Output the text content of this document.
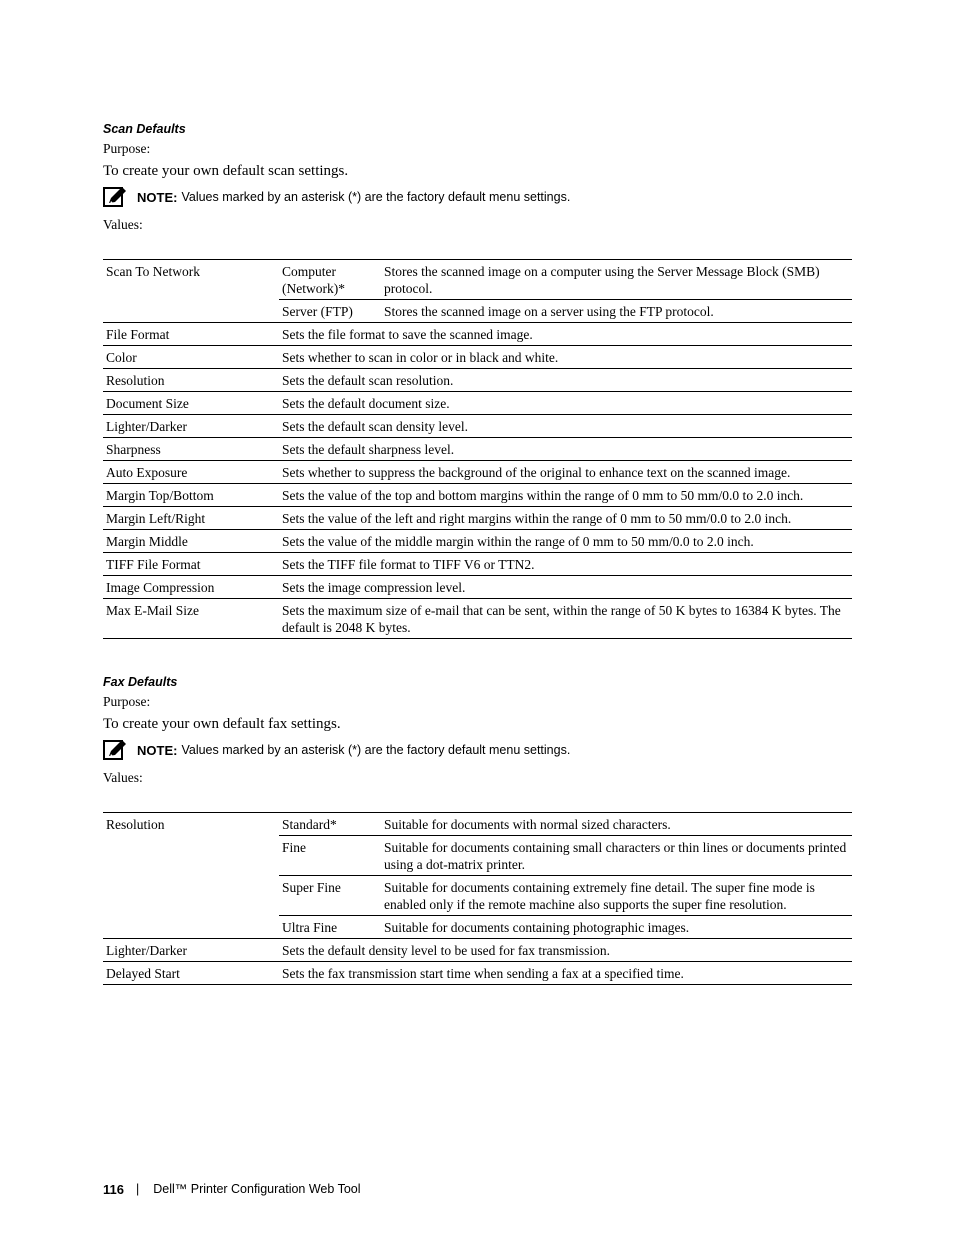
Scan Defaults
Purpose:
To create your own default scan settings.
NOTE: Values marked by an asterisk (*) are the factory default menu settings.
Values:
Scan To Network	Computer (Network)*	Stores the scanned image on a computer using the Server Message Block (SMB) protocol.
	Server (FTP)	Stores the scanned image on a server using the FTP protocol.
File Format	Sets the file format to save the scanned image.	
Color	Sets whether to scan in color or in black and white.	
Resolution	Sets the default scan resolution.	
Document Size	Sets the default document size.	
Lighter/Darker	Sets the default scan density level.	
Sharpness	Sets the default sharpness level.	
Auto Exposure	Sets whether to suppress the background of the original to enhance text on the scanned image.	
Margin Top/Bottom	Sets the value of the top and bottom margins within the range of 0 mm to 50 mm/0.0 to 2.0 inch.	
Margin Left/Right	Sets the value of the left and right margins within the range of 0 mm to 50 mm/0.0 to 2.0 inch.	
Margin Middle	Sets the value of the middle margin within the range of 0 mm to 50 mm/0.0 to 2.0 inch.	
TIFF File Format	Sets the TIFF file format to TIFF V6 or TTN2.	
Image Compression	Sets the image compression level.	
Max E-Mail Size	Sets the maximum size of e-mail that can be sent, within the range of 50 K bytes to 16384 K bytes. The default is 2048 K bytes.	
Fax Defaults
Purpose:
To create your own default fax settings.
NOTE: Values marked by an asterisk (*) are the factory default menu settings.
Values:
Resolution	Standard*	Suitable for documents with normal sized characters.
	Fine	Suitable for documents containing small characters or thin lines or documents printed using a dot-matrix printer.
	Super Fine	Suitable for documents containing extremely fine detail. The super fine mode is enabled only if the remote machine also supports the super fine resolution.
	Ultra Fine	Suitable for documents containing photographic images.
Lighter/Darker	Sets the default density level to be used for fax transmission.	
Delayed Start	Sets the fax transmission start time when sending a fax at a specified time.	
116 | Dell™ Printer Configuration Web Tool
